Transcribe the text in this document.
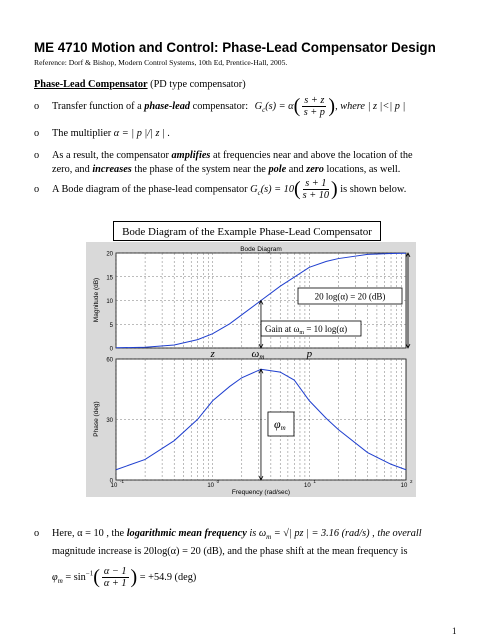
ME 4710 Motion and Control: Phase-Lead Compensator Design
Reference: Dorf & Bishop, Modern Control Systems, 10th Ed, Prentice-Hall, 2005.
Phase-Lead Compensator (PD type compensator)
o Transfer function of a phase-lead compensator: $G_c(s) = \alpha( \frac{s + z}{s + p}$ ), where | z |<| p |
o The multiplier α = | p |/| z | .
o As a result, the compensator amplifies at frequencies near and above the location of the
zero, and increases the phase of the system near the pole and zero locations, as well.
o A Bode diagram of the phase-lead compensator $G_c(s) = 10( \frac{s + 1}{s + 10}$ ) is shown below.
Bode Diagram of the Example Phase-Lead Compensator
Bode Diagram
Magnitude (dB)
Phase (deg)
Frequency (rad/sec)
0
5
10
15
20
0
30
60
10
-1
10
0
10
1
10
2
20 log(α) = 20 (dB)
Gain at $\omega_m = 10$ log(α)
z	ωm	p
φm
o Here, α = 10 , the logarithmic mean frequency is $\omega_m$ = √| pz | = 3.16 (rad/s) , the overall
magnitude increase is 20log(α) = 20 (dB), and the phase shift at the mean frequency is
$\varphi_m = \sin^{-1}( \frac{\alpha - 1}{\alpha + 1}$ ) = +54.9 (deg)
1
